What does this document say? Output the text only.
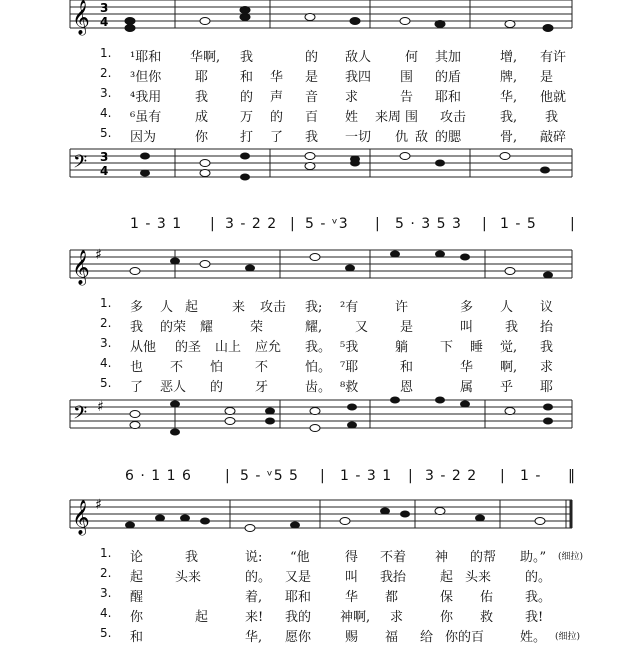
𝄞 3
4
1. ¹耶和 华啊, 我	的 敌人	何 其加	增, 有许
2. ³但你	耶 和 华 是 我四 围 的盾	牌, 是
3. ⁴我用	我 的 声 音 求	告 耶和	华, 他就
4. ⁶虽有	成 万 的 百 姓 来周 围 攻击	我, 我
5. 因为	你 打 了 我 一切 仇 敌 的腮	骨, 敲碎
𝄢 3
4
1 - 3 1 | 3 - 2 2 | 5 - ᵛ3 | 5 · 3 5 3 | 1 - 5 |
𝄞 ♯
1. 多 人 起	来 攻击 我; ²有	许	多 人 议
2. 我 的荣 耀	荣	耀,	又 是	叫 我 抬
3. 从他 的圣 山上 应允 我。 ⁵我	躺 下 睡 觉, 我
4. 也 不 怕 不	怕。 ⁷耶	和	华 啊, 求
5. 了 恶人 的 牙	齿。 ⁸救	恩	属 乎 耶
𝄢 ♯
6 · 1 1 6 | 5 - ᵛ5 5 | 1 - 3 1 | 3 - 2 2 | 1 - ‖
𝄞 ♯
1. 论	我	说: “他	得 不着 神 的帮 助。” (细拉)
2. 起 头来	的。 又是	叫 我抬	起 头来	的。
3. 醒	着, 耶和	华 都	保 佑 我。
4. 你	起	来! 我的 神啊, 求	你 救 我!
5. 和	华, 愿你	赐 福 给 你的百	姓。 (细拉)
